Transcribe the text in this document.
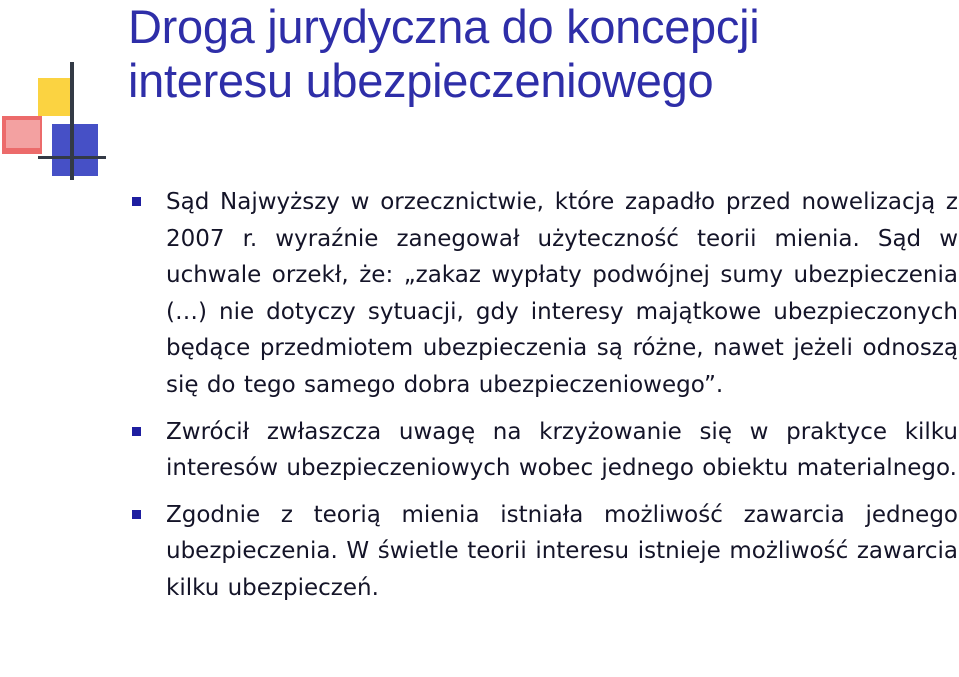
Droga jurydyczna do koncepcji
interesu ubezpieczeniowego
Sąd Najwyższy w orzecznictwie, które zapadło przed nowelizacją z 2007 r. wyraźnie zanegował użyteczność teorii mienia. Sąd w uchwale orzekł, że: „zakaz wypłaty podwójnej sumy ubezpieczenia (…) nie dotyczy sytuacji, gdy interesy majątkowe ubezpieczonych będące przedmiotem ubezpieczenia są różne, nawet jeżeli odnoszą się do tego samego dobra ubezpieczeniowego”.
Zwrócił zwłaszcza uwagę na krzyżowanie się w praktyce kilku interesów ubezpieczeniowych wobec jednego obiektu materialnego.
Zgodnie z teorią mienia istniała możliwość zawarcia jednego ubezpieczenia. W świetle teorii interesu istnieje możliwość zawarcia kilku ubezpieczeń.
